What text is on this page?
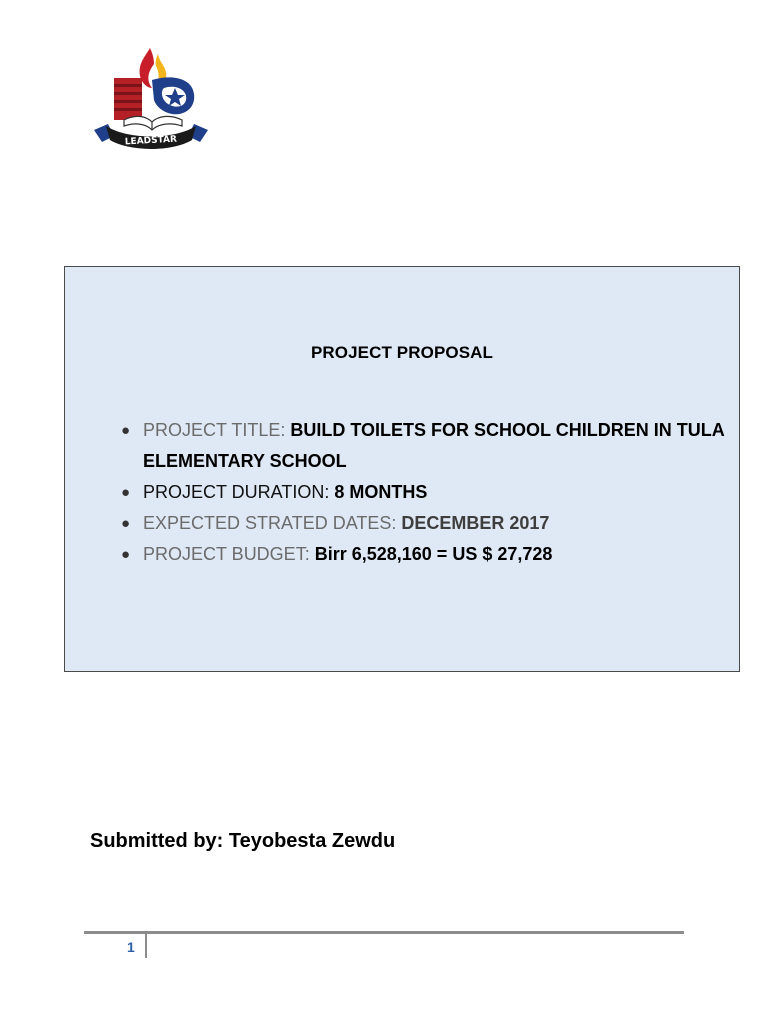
LEADSTAR
PROJECT PROPOSAL
● PROJECT TITLE: BUILD TOILETS FOR SCHOOL CHILDREN IN TULA ELEMENTARY SCHOOL
● PROJECT DURATION: 8 MONTHS
● EXPECTED STRATED DATES: DECEMBER 2017
● PROJECT BUDGET: Birr 6,528,160 = US $ 27,728
Submitted by: Teyobesta Zewdu
1
